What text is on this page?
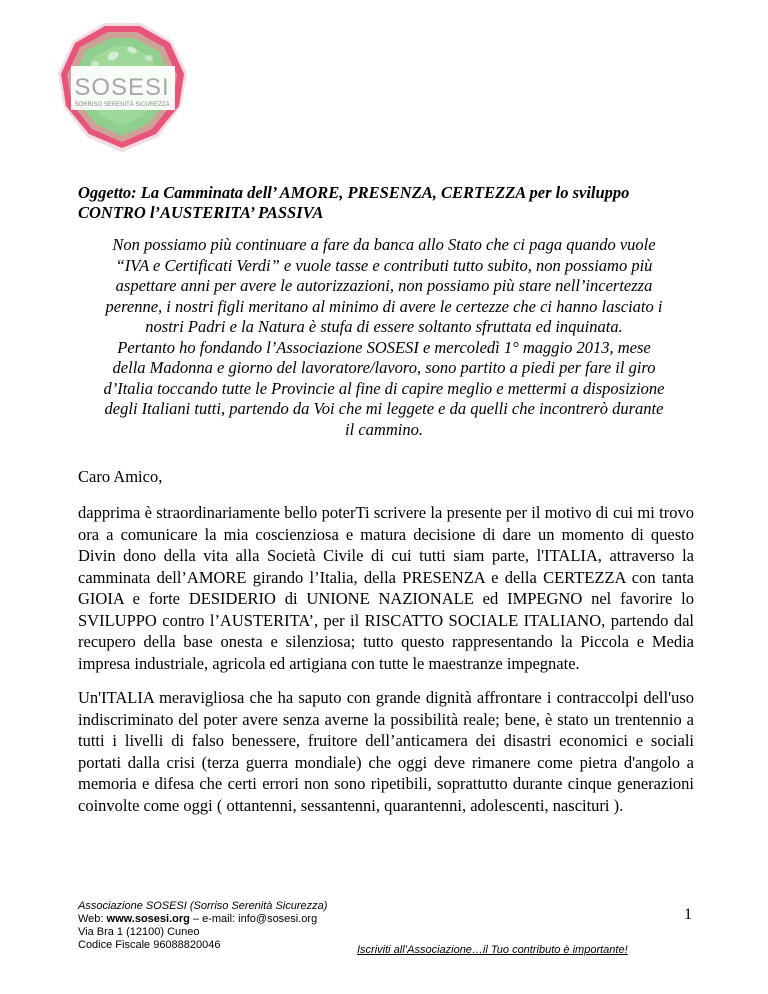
SOSESI
SORRISO SERENITÀ SICUREZZA
Oggetto: La Camminata dell’ AMORE, PRESENZA, CERTEZZA per lo sviluppo
CONTRO l’AUSTERITA’ PASSIVA

Non possiamo più continuare a fare da banca allo Stato che ci paga quando vuole

“IVA e Certificati Verdi” e vuole tasse e contributi tutto subito, non possiamo più

aspettare anni per avere le autorizzazioni, non possiamo più stare nell’incertezza

perenne, i nostri figli meritano al minimo di avere le certezze che ci hanno lasciato i

nostri Padri e la Natura è stufa di essere soltanto sfruttata ed inquinata.

Pertanto ho fondando l’Associazione SOSESI e mercoledì 1° maggio 2013, mese

della Madonna e giorno del lavoratore/lavoro, sono partito a piedi per fare il giro

d’Italia toccando tutte le Provincie al fine di capire meglio e mettermi a disposizione

degli Italiani tutti, partendo da Voi che mi leggete e da quelli che incontrerò durante

il cammino.

Caro Amico,

dapprima è straordinariamente bello poterTi scrivere la presente per il motivo di cui mi trovo ora a comunicare la mia coscienziosa e matura decisione di dare un momento di questo Divin dono della vita alla Società Civile di cui tutti siam parte, l'ITALIA, attraverso la camminata dell’AMORE girando l’Italia, della PRESENZA e della CERTEZZA con tanta GIOIA e forte DESIDERIO di UNIONE NAZIONALE ed IMPEGNO nel favorire lo SVILUPPO contro l’AUSTERITA’, per il RISCATTO SOCIALE ITALIANO, partendo dal recupero della base onesta e silenziosa; tutto questo rappresentando la Piccola e Media impresa industriale, agricola ed artigiana con tutte le maestranze impegnate.

Un'ITALIA meravigliosa che ha saputo con grande dignità affrontare i contraccolpi dell'uso indiscriminato del poter avere senza averne la possibilità reale; bene, è stato un trentennio a tutti i livelli di falso benessere, fruitore dell’anticamera dei disastri economici e sociali portati dalla crisi (terza guerra mondiale) che oggi deve rimanere come pietra d'angolo a memoria e difesa che certi errori non sono ripetibili, soprattutto durante cinque generazioni coinvolte come oggi ( ottantenni, sessantenni, quarantenni, adolescenti, nascituri ).

Associazione SOSESI (Sorriso Serenità Sicurezza)
Web: www.sosesi.org – e-mail: info@sosesi.org
Via Bra 1 (12100) Cuneo
Codice Fiscale 96088820046
1
Iscriviti all’Associazione…il Tuo contributo è importante!
